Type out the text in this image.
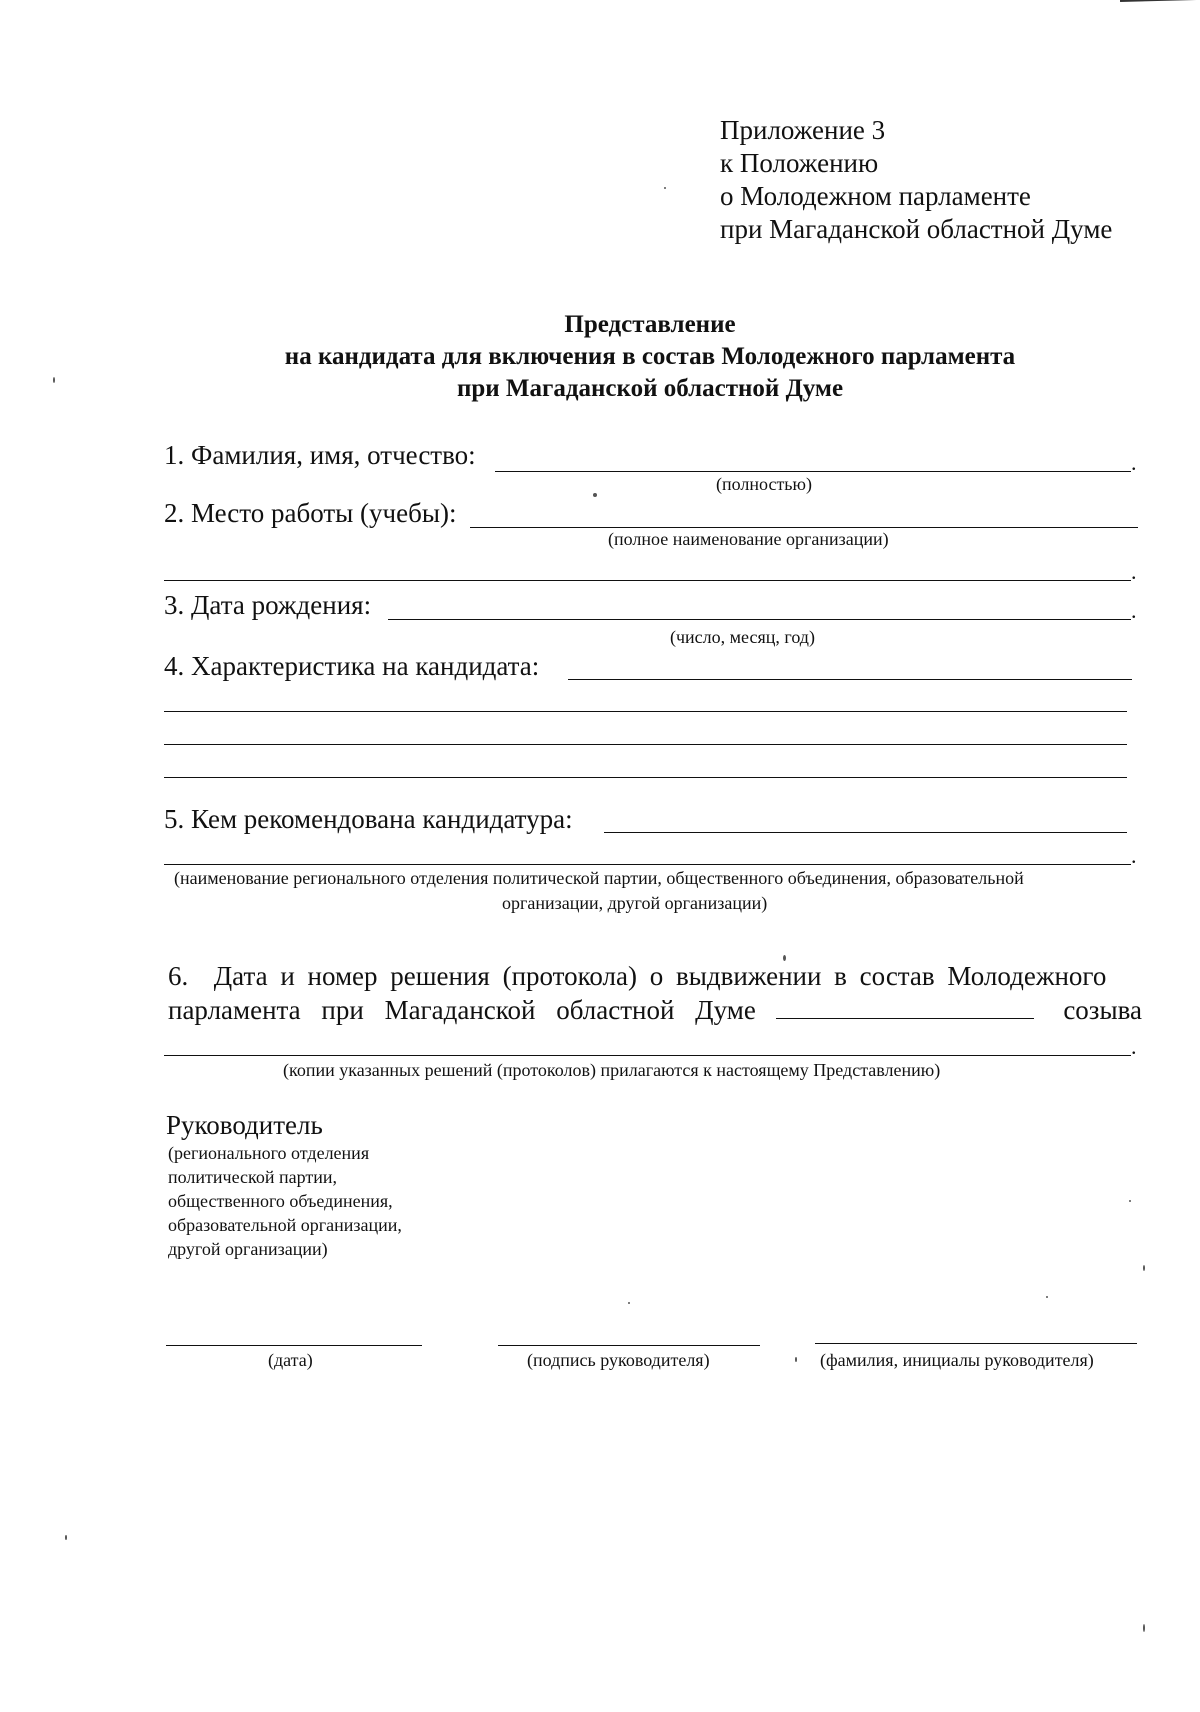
Приложение 3
к Положению
о Молодежном парламенте
при Магаданской областной Думе
Представление
на кандидата для включения в состав Молодежного парламента
при Магаданской областной Думе
1. Фамилия, имя, отчество:	.
(полностью)
2. Место работы (учебы):
(полное наименование организации)
.
3. Дата рождения:	.
(число, месяц, год)
4. Характеристика на кандидата:
5. Кем рекомендована кандидатура:
.
(наименование регионального отделения политической партии, общественного объединения, образовательной
организации, другой организации)
6.  Дата и номер решения (протокола) о выдвижении в состав Молодежного
парламента при Магаданской областной Думе	созыва
.
(копии указанных решений (протоколов) прилагаются к настоящему Представлению)
Руководитель
(регионального отделения
политической партии,
общественного объединения,
образовательной организации,
другой организации)
(дата)	(подпись руководителя)	(фамилия, инициалы руководителя)
